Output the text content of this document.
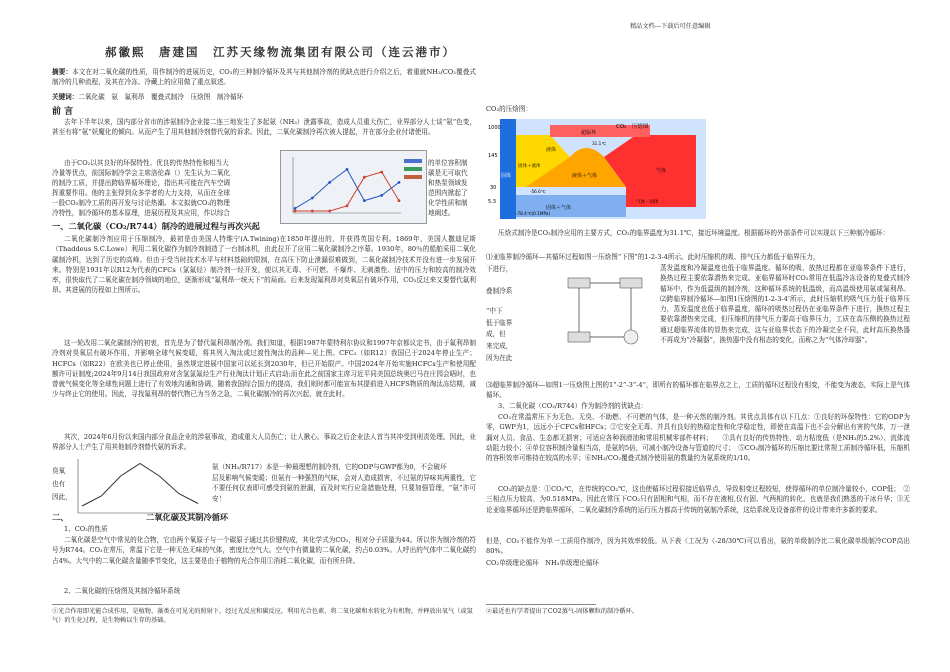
精品文档---下载后可任意编辑
郝徽熙　唐建国　江苏天缘物流集团有限公司（连云港市）
摘要：本文在对二氧化碳的性质，用作制冷的进展历史，CO₂的三种制冷循环及其与其他制冷剂的优缺点进行介绍之后，着重就NH₃/CO₂覆叠式制冷的几种流程，及其在冷冻、冷藏上的应用做了重点叙述。
关键词：二氧化碳　氨　氟利昂　覆叠式制冷　压焓图　制冷循环
前 言
去年下半年以来，国内部分省市的涉氨制冷企业接二连三地发生了多起氨（NH₃）泄露事故，造成人员重大伤亡，业界部分人士谈“氨”色变，甚至有将“氨”妖魔化的倾向。从而产生了用其他制冷剂替代氨的诉求。因此，二氧化碳制冷再次被人提起，并在部分企业付诸使用。
由于CO₂以其良好的环保特性、优良的传热特性和相当大
冷量等优点，前国际制冷学会主席洛伦森（）先生认为二氧化
的制冷工质，并提出跨临界循环理论，指出其可能在汽车空调
挥重要作用。他的主张得到众多学者的大力支持，从而在全球
一股CO₂制冷工质的再开发与讨论热潮。本文拟就CO₂的物理
冷特性，制冷循环的基本原理，进展历程及其应用，作以综合
的单位容积制
碳是无可取代
和热泵领域发
范围内掀起了
化学性质和制
地阐述。
一、二氧化碳（CO₂/R744）制冷的进展过程与再次兴起
二氧化碳制冷剂应用于压缩制冷，最初是由美国人特维宁(A.Twining)在1850年提出的，并获得英国专利。1869年，美国人撒迪尼斯（Thaddeus S.C.Lowe）利用二氧化碳作为制冷剂制造了一台制冰机，由此拉开了应用二氧化碳制冷之序幕。1930年，80％的船舶采用二氧化碳制冷机，达到了历史的高峰。但由于受当时技术水平与材料基础的限制，在高压下防止泄漏很难做到，二氧化碳制冷技术并没有进一步发展开来。特别是1931年以R12为代表的CFCs（氯氟烃）制冷剂一经开发，便以其无毒、不可燃、不爆炸、无刺激性、适中的压力和较高的制冷效率，很快取代了二氧化碳在制冷领域的地位，逐渐形成“氟利昂一统天下”的局面。后来发现氟利昂对臭氧层有破坏作用，CO₂反过来又要替代氟利昂。其进展的历程如上图所示。
这一轮改用二氧化碳制冷的初衷，首先是为了替代氟利昂制冷剂。我们知道，根据1987年蒙特利尔协议和1997年京都议定书，由于氟利昂制冷剂对臭氧层有破坏作用，并影响全球气候变暖，将其列入淘汰或过渡性淘汰的品种—见上图。CFC₃（如R12）我国已于2024年停止生产；HCFCs（如R22）在欧美也已停止使用，虽然规定进展中国家可以延长到2030年，但已开始限产。中国2024年开始实施HCFCs生产和使用配额许可证制度;2024年9月14日我国政府对含氢氯氟烃生产行业淘汰计划正式启动;而在此之前国家主席习近平同美国总统奥巴马在庄园会晤时，也曾就气候变化等全球性问题上进行了有效地沟通和协调，随着我国综合国力的提高，我们则时都可能宣布其提前进入HCFS物质的淘汰冻结期，减少与终止它的使用。因此，寻找氟利昂的替代物已为当务之急，二氧化碳制冷的再次兴起，就在此时。
其次，2024年6月份以来国内部分食品企业的涉氨事故，造成重大人员伤亡；让人揪心。事故之后企业法人首当其冲受到刑责处理。因此，业界部分人士产生了用其他制冷剂替代氨的诉求。
臭氧
也有
因此，
氨（NH₃/R717）本是一种最理想的制冷剂，它的ODP与GWP都为0，不会破坏
层及影响气候变暖；但氨有一种强烈的气味，会对人造成损害，不过氨的异味其两重性，它不要任何仪表即可感受到氨的泄漏，而及时实行应急措施处理，只要加强管理，“氨”亦可安！
二、　　　　　　　　　　二氧化碳及其制冷循环
1、CO₂的性质
二氧化碳是空气中常见的化合物，它由两个氧原子与一个碳原子通过共价键构成，其化学式为CO₂，相对分子质量为44。所以作为制冷剂的符号为R744。CO₂在常压，常温下它是一种无色无味的气体，密度比空气大。空气中有微量的二氧化碳，约占0.03%。人呼出的气体中二氧化碳约占4%。大气中的二氧化碳含量随季节变化，这主要是由于植物的光合作用①消耗二氧化碳，而有所升降。
2、二氧化碳的压焓图及其制冷循环系统
①光合作用即光能合成作用，是植物、藻类在可见光的照射下，经过光反应和碳反应，利用光合色素，将二氧化碳和水转化为有机物，并释放出氧气（或氢气）的生化过程，是生物赖以生存的基础。
CO₂的压焓图：
1000
145
30
5.3
CO₂　压焓图
固体
固体＋液体
液体
液体＋气体
气体
超临界
固体＋气体
气体－固体
-56.6℃
31.1℃
-78.4℃(0.1MPa)
压焓式制冷是CO₂制冷应用的主要方式，CO₂的临界温度为31.1℃，接近环境温度。根据循环的外部条件可以实现以下三种制冷循环：
⑴亚临界制冷循环—其循环过程如图一压焓图“下图”的1-2-3-4所示。此时压缩机的吸、排气压力都低于临界压力，
下进行，
叠制冷系
“中下
低于临界
成，但
来完成，
因为在此
蒸发温度和冷凝温度也低于临界温度。循环的吸、放热过程都在亚临界条件下进行，换热过程主要依靠潜热来完成。亚临界循环时CO₂常用在低温冷冻设备的复叠式制冷循环中，作为低温级的制冷剂，这种循环系统的低温级，而高温级使用氨或氟利昂。⑵跨临界制冷循环—如图1压焓图的1-2-3-4’所示，此时压缩机的吸气压力低于临界压力，蒸发温度也低于临界温度，循环的吸热过程仍在亚临界条件下进行，换热过程主要依靠潜热来完成，但压缩机的排气压力要高于临界压力，工质在高压侧的换热过程通过超临界流体的显热来完成，这与亚临界状态下的冷凝完全不同，此时高压换热器不再成为“冷凝器”，换热器中没有相态的变化，而称之为“气体冷却器”。
⑶超临界制冷循环—如图1一压焓图上图的1”-2”-3”-4”，即所有的循环都在临界点之上，工质的循环过程没有相变，不能变为液态，实际上是气体循环。
3、二氧化碳（CO₂/R744）作为制冷剂的优缺点：
CO₂在常温常压下为无色、无臭、不助燃、不可燃的气体，是一种天然的制冷剂。其优点具体有以下几点：①良好的环保特性：它的ODP为零，GWP为1，远远小于CFCs和HFCs；②它安全无毒、并具有良好的热稳定性和化学稳定性，即使在高温下也不会分解出有害的气体，万一泄漏对人员、食品、生态都无损害；可适应各种润滑油和常用机械零部件材料；　　③具有良好的传热特性，动力粘度低（是NH₃的5.2%）、流体流动阻力较小；④单位容积制冷量相当高，是氨的5倍，可减小制冷设备与管道的尺寸；　⑤CO₂制冷循环的压缩比要比常规工质制冷循环低，压缩机的容积效率可维持在较高的水平；⑥NH₃/CO₂覆叠式制冷使用氨的数量约为氨系统的1/10。
CO₂的缺点是：①CO₂℃，在传统的CO₂℃，这也使循环过程很接近临界点，导致相变过程较短，使得循环的单位制冷量较小，COP低；　②三相点压力较高，为0.518MPa，因此在常压下CO₂只有固相和气相，而不存在液相,仅有固、气两相的转化，也就是我们熟悉的干冰升华；③无论亚临界循环还是跨临界循环，二氧化碳制冷系统的运行压力都高于传统的氨制冷系统，这给系统及设备部件的设计带来许多新的要求。
但是，CO₂不能作为单一工质用作制冷，因为其效率较低。从下表（工况为（-28/30℃)可以看出，氨的单级制冷比二氧化碳单级制冷COP高出80%。
CO₂单级理论循环　NH₃单级理论循环
②最近也有学者提出了CO2蒸气-固体颗粒的制冷循环。
